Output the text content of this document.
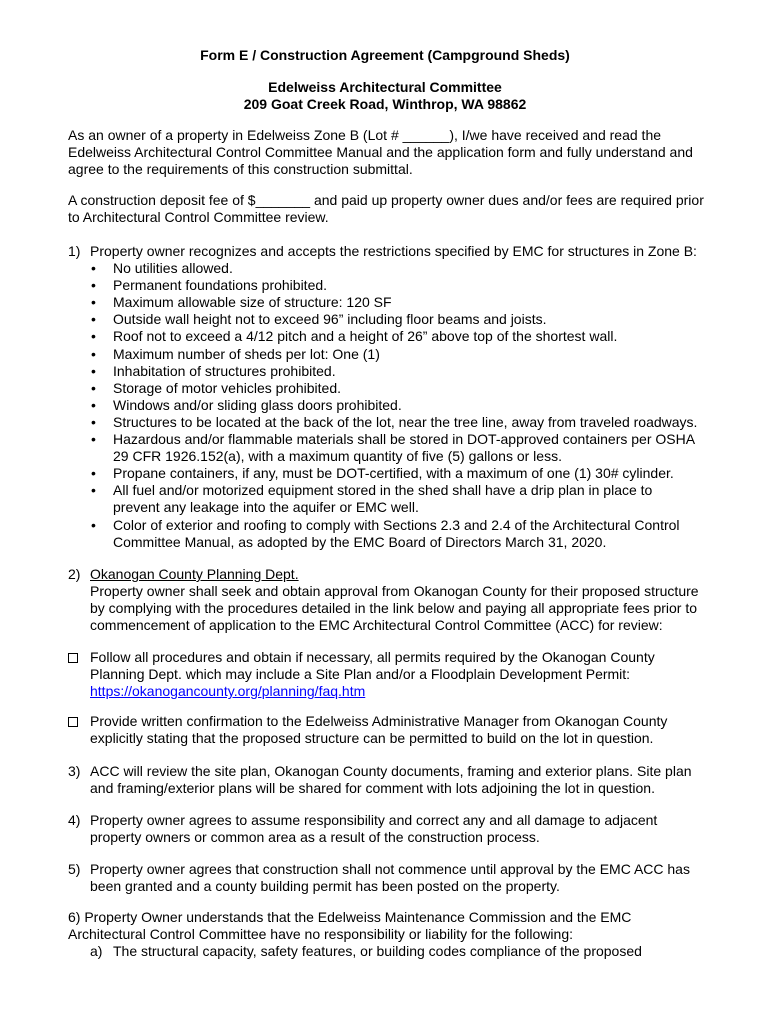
Form E / Construction Agreement (Campground Sheds)
Edelweiss Architectural Committee
209 Goat Creek Road, Winthrop, WA 98862
As an owner of a property in Edelweiss Zone B (Lot # ______), I/we have received and read the
Edelweiss Architectural Control Committee Manual and the application form and fully understand and
agree to the requirements of this construction submittal.
A construction deposit fee of $_______ and paid up property owner dues and/or fees are required prior
to Architectural Control Committee review.
1) Property owner recognizes and accepts the restrictions specified by EMC for structures in Zone B:
•
No utilities allowed.
•
Permanent foundations prohibited.
•
Maximum allowable size of structure: 120 SF
•
Outside wall height not to exceed 96” including floor beams and joists.
•
Roof not to exceed a 4/12 pitch and a height of 26” above top of the shortest wall.
•
Maximum number of sheds per lot: One (1)
•
Inhabitation of structures prohibited.
•
Storage of motor vehicles prohibited.
•
Windows and/or sliding glass doors prohibited.
•
Structures to be located at the back of the lot, near the tree line, away from traveled roadways.
•
Hazardous and/or flammable materials shall be stored in DOT-approved containers per OSHA
29 CFR 1926.152(a), with a maximum quantity of five (5) gallons or less.
•
Propane containers, if any, must be DOT-certified, with a maximum of one (1) 30# cylinder.
•
All fuel and/or motorized equipment stored in the shed shall have a drip plan in place to
prevent any leakage into the aquifer or EMC well.
•
Color of exterior and roofing to comply with Sections 2.3 and 2.4 of the Architectural Control
Committee Manual, as adopted by the EMC Board of Directors March 31, 2020.
2) Okanogan County Planning Dept.
Property owner shall seek and obtain approval from Okanogan County for their proposed structure
by complying with the procedures detailed in the link below and paying all appropriate fees prior to
commencement of application to the EMC Architectural Control Committee (ACC) for review:
Follow all procedures and obtain if necessary, all permits required by the Okanogan County
Planning Dept. which may include a Site Plan and/or a Floodplain Development Permit:
https://okanogancounty.org/planning/faq.htm
Provide written confirmation to the Edelweiss Administrative Manager from Okanogan County
explicitly stating that the proposed structure can be permitted to build on the lot in question.
3) ACC will review the site plan, Okanogan County documents, framing and exterior plans. Site plan
and framing/exterior plans will be shared for comment with lots adjoining the lot in question.
4) Property owner agrees to assume responsibility and correct any and all damage to adjacent
property owners or common area as a result of the construction process.
5) Property owner agrees that construction shall not commence until approval by the EMC ACC has
been granted and a county building permit has been posted on the property.
6) Property Owner understands that the Edelweiss Maintenance Commission and the EMC
Architectural Control Committee have no responsibility or liability for the following:
a) The structural capacity, safety features, or building codes compliance of the proposed
